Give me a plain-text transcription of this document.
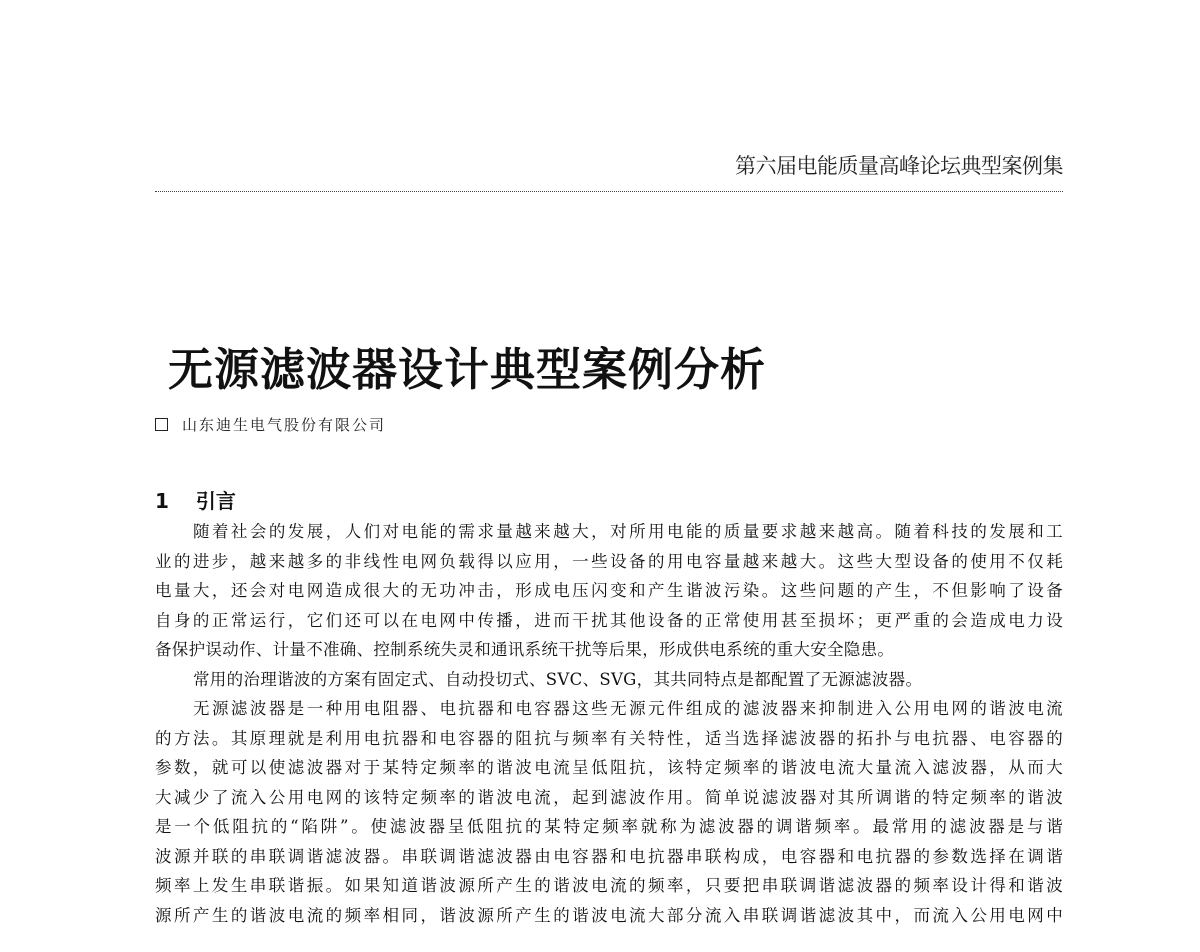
第六届电能质量高峰论坛典型案例集
无源滤波器设计典型案例分析
山东迪生电气股份有限公司
1 引言
随着社会的发展，人们对电能的需求量越来越大，对所用电能的质量要求越来越高。随着科技的发展和工
业的进步，越来越多的非线性电网负载得以应用，一些设备的用电容量越来越大。这些大型设备的使用不仅耗
电量大，还会对电网造成很大的无功冲击，形成电压闪变和产生谐波污染。这些问题的产生，不但影响了设备
自身的正常运行，它们还可以在电网中传播，进而干扰其他设备的正常使用甚至损坏；更严重的会造成电力设
备保护误动作、计量不准确、控制系统失灵和通讯系统干扰等后果，形成供电系统的重大安全隐患。
常用的治理谐波的方案有固定式、自动投切式、SVC、SVG，其共同特点是都配置了无源滤波器。
无源滤波器是一种用电阻器、电抗器和电容器这些无源元件组成的滤波器来抑制进入公用电网的谐波电流
的方法。其原理就是利用电抗器和电容器的阻抗与频率有关特性，适当选择滤波器的拓扑与电抗器、电容器的
参数，就可以使滤波器对于某特定频率的谐波电流呈低阻抗，该特定频率的谐波电流大量流入滤波器，从而大
大减少了流入公用电网的该特定频率的谐波电流，起到滤波作用。简单说滤波器对其所调谐的特定频率的谐波
是一个低阻抗的“陷阱”。使滤波器呈低阻抗的某特定频率就称为滤波器的调谐频率。最常用的滤波器是与谐
波源并联的串联调谐滤波器。串联调谐滤波器由电容器和电抗器串联构成，电容器和电抗器的参数选择在调谐
频率上发生串联谐振。如果知道谐波源所产生的谐波电流的频率，只要把串联调谐滤波器的频率设计得和谐波
源所产生的谐波电流的频率相同，谐波源所产生的谐波电流大部分流入串联调谐滤波其中，而流入公用电网中
